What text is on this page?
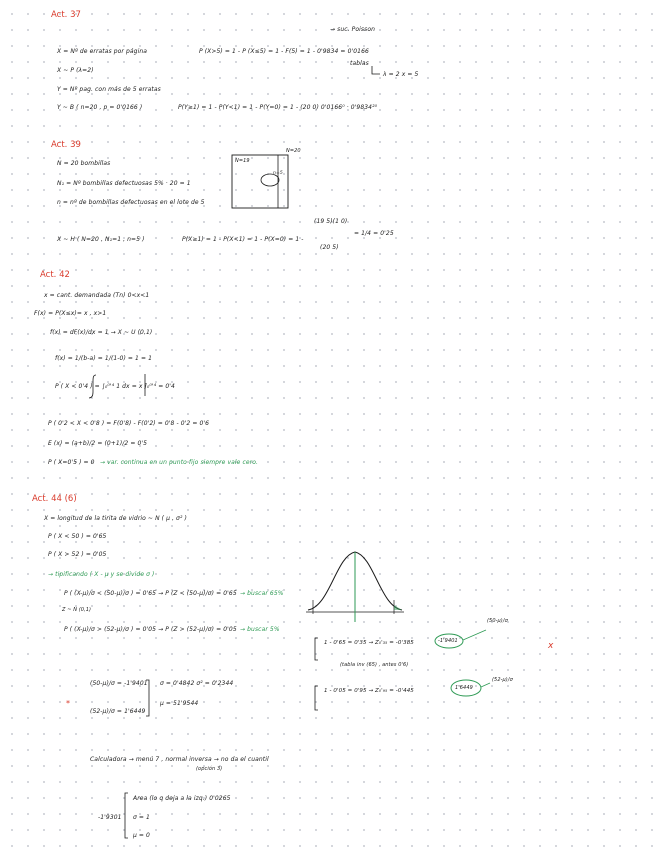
Act. 37
→ suc. Poisson
X = Nº de erratas por página	P (X>5) = 1 - P (X≤5) = 1 - F(5) = 1 - 0'9834 = 0'0166
tablas
λ = 2 x = 5
X ~ P (λ=2)
Y = Nº pag. con más de 5 erratas
Y ~ B ( n=20 , p = 0'0166 )	P(Y≥1) = 1 - P(Y<1) = 1 - P(Y=0) = 1 - (20 0) 0'0166⁰ · 0'9834²⁰
Act. 39
N = 20 bombillas
N₁ = Nº bombillas defectuosas 5% · 20 = 1
n = nº de bombillas defectuosas en el lote de 5
N=20
N=19
n=5
X ~ H ( N=20 , N₁=1 , n=5 )	P(X≥1) = 1 - P(X<1) = 1 - P(X=0) = 1 -
(19 5)(1 0)
(20 5)
= 1/4 = 0'25
Act. 42
x = cant. demandada (Tn) 0<x<1
F(x) = P(X≤x)= x , x>1
f(x) = dF(x)/dx = 1 → X ~ U (0,1)
f(x) = 1/(b-a) = 1/(1-0) = 1 = 1
P ( X < 0'4 ) = ∫₀⁰'⁴ 1 dx = x ]₀⁰'⁴ = 0'4
P ( 0'2 < X < 0'8 ) = F(0'8) - F(0'2) = 0'8 - 0'2 = 0'6
E (x) = (a+b)/2 = (0+1)/2 = 0'5
P ( X=0'5 ) = 0 → var. continua en un punto fijo siempre vale cero.
Act. 44 (6)
X = longitud de la tirita de vidrio ~ N ( μ , σ² )
P ( X < 50 ) = 0'65
P ( X > 52 ) = 0'05
→ tipificando ( X - μ y se divide σ )
P ( (X-μ)/σ < (50-μ)/σ ) = 0'65 → P (Z < (50-μ)/σ) = 0'65 → buscar 65%
Z ~ N (0,1)
P ( (X-μ)/σ > (52-μ)/σ ) = 0'05 → P (Z > (52-μ)/σ) = 0'05 → buscar 5%
1 - 0'65 = 0'35 → Z₀'₃₅ = -0'385
(tabla inv (65) , antes 0'6)
-1'9401
(50-μ)/σ
1 - 0'05 = 0'95 → Z₀'₉₅ = -0'445	1'6449
(52-μ)/σ
x
(50-μ)/σ = -1'9401
(52-μ)/σ = 1'6449
*
σ = 0'4842 σ² = 0'2344
μ = 51'9544
Calculadora → menú 7 , normal inversa → no da el cuantil
(opción 3)
Area (lo q deja a la izq.) 0'0265
σ = 1
μ = 0
-1'9301
